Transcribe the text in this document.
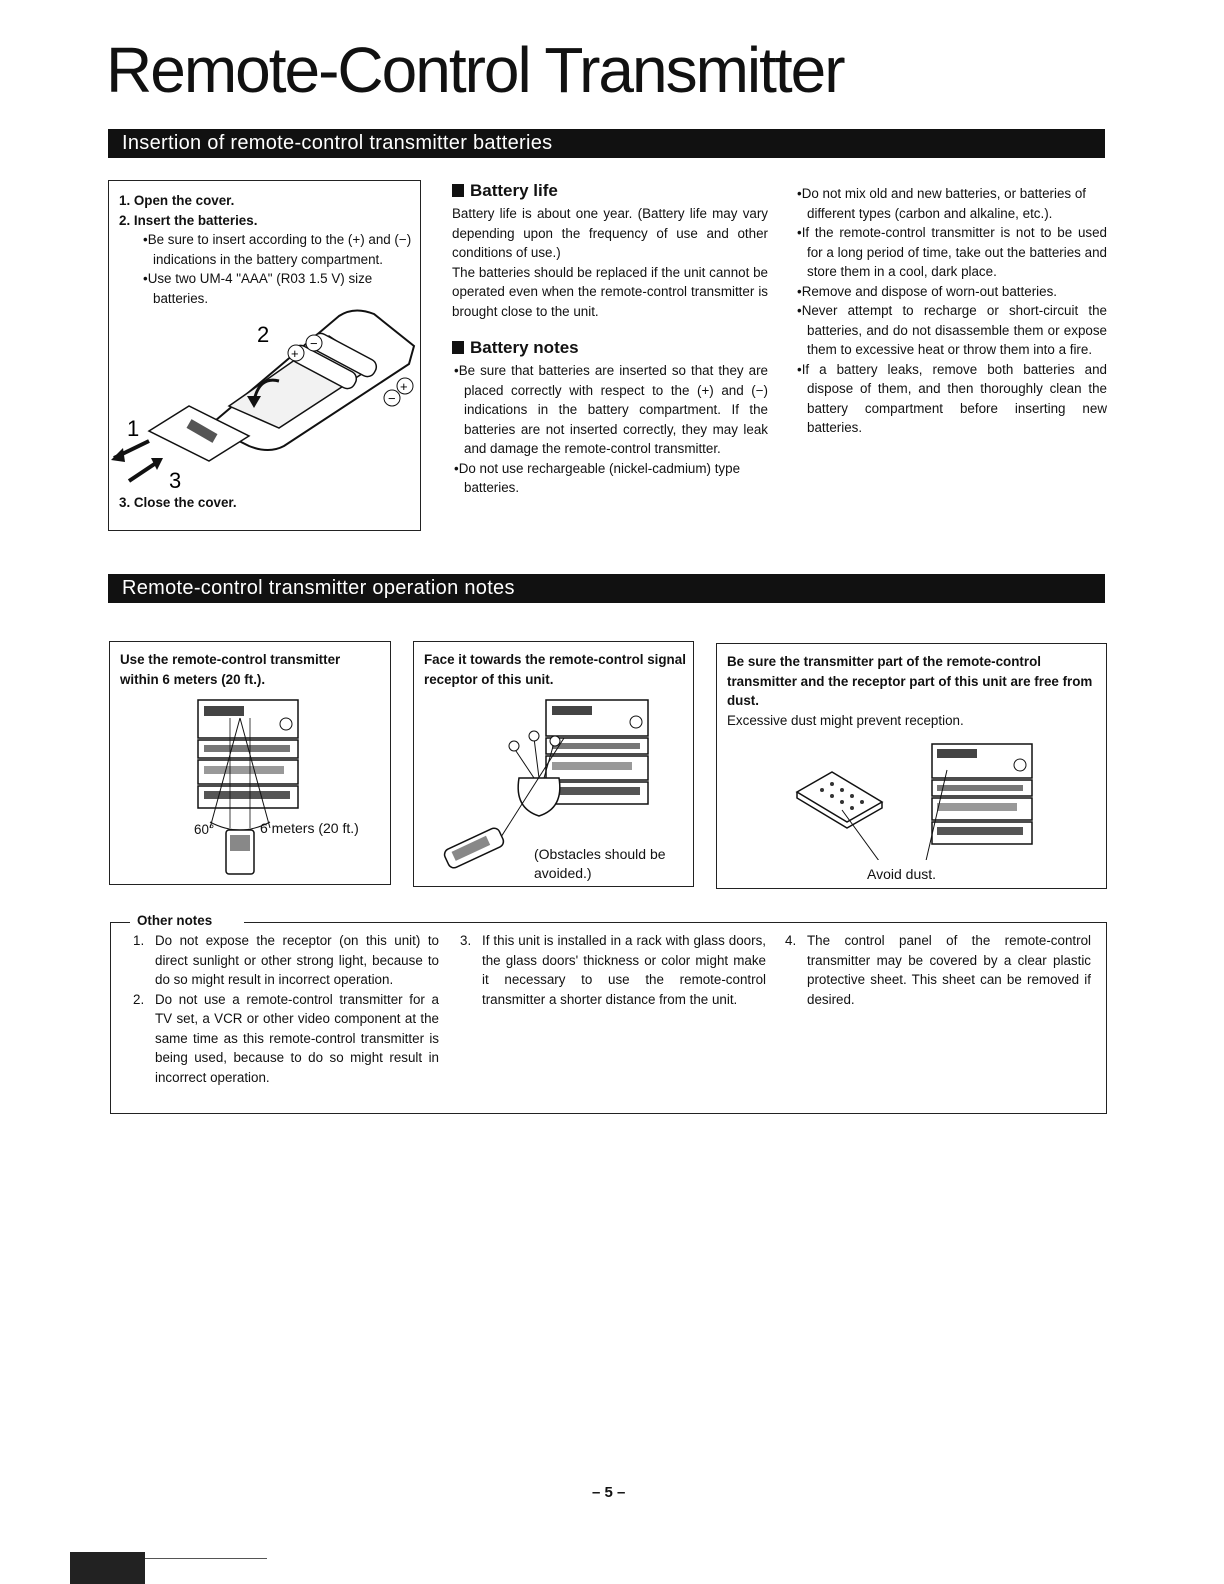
Remote-Control Transmitter
Insertion of remote-control transmitter batteries
1. Open the cover.
2. Insert the batteries.
•Be sure to insert according to the (+) and (−) indications in the battery compartment.
•Use two UM-4 "AAA" (R03 1.5 V) size batteries.
+
−
−
+
2
1
3
3. Close the cover.
Battery life
Battery life is about one year. (Battery life may vary depending upon the frequency of use and other conditions of use.)
The batteries should be replaced if the unit cannot be operated even when the remote-control transmitter is brought close to the unit.
Battery notes
•Be sure that batteries are inserted so that they are placed correctly with respect to the (+) and (−) indications in the battery compartment. If the batteries are not inserted correctly, they may leak and damage the remote-control transmitter.
•Do not use rechargeable (nickel-cadmium) type batteries.
•Do not mix old and new batteries, or batteries of different types (carbon and alkaline, etc.).
•If the remote-control transmitter is not to be used for a long period of time, take out the batteries and store them in a cool, dark place.
•Remove and dispose of worn-out batteries.
•Never attempt to recharge or short-circuit the batteries, and do not disassemble them or expose them to excessive heat or throw them into a fire.
•If a battery leaks, remove both batteries and dispose of them, and then thoroughly clean the battery compartment before inserting new batteries.
Remote-control transmitter operation notes
Use the remote-control transmitter within 6 meters (20 ft.).
60°	6 meters (20 ft.)
Face it towards the remote-control signal receptor of this unit.
(Obstacles should be avoided.)
Be sure the transmitter part of the remote-control transmitter and the receptor part of this unit are free from dust.
Excessive dust might prevent reception.
Avoid dust.
Other notes
1. Do not expose the receptor (on this unit) to direct sunlight or other strong light, because to do so might result in incorrect operation.
2. Do not use a remote-control transmitter for a TV set, a VCR or other video component at the same time as this remote-control transmitter is being used, because to do so might result in incorrect operation.
3. If this unit is installed in a rack with glass doors, the glass doors' thickness or color might make it necessary to use the remote-control transmitter a shorter distance from the unit.
4. The control panel of the remote-control transmitter may be covered by a clear plastic protective sheet. This sheet can be removed if desired.
– 5 –
